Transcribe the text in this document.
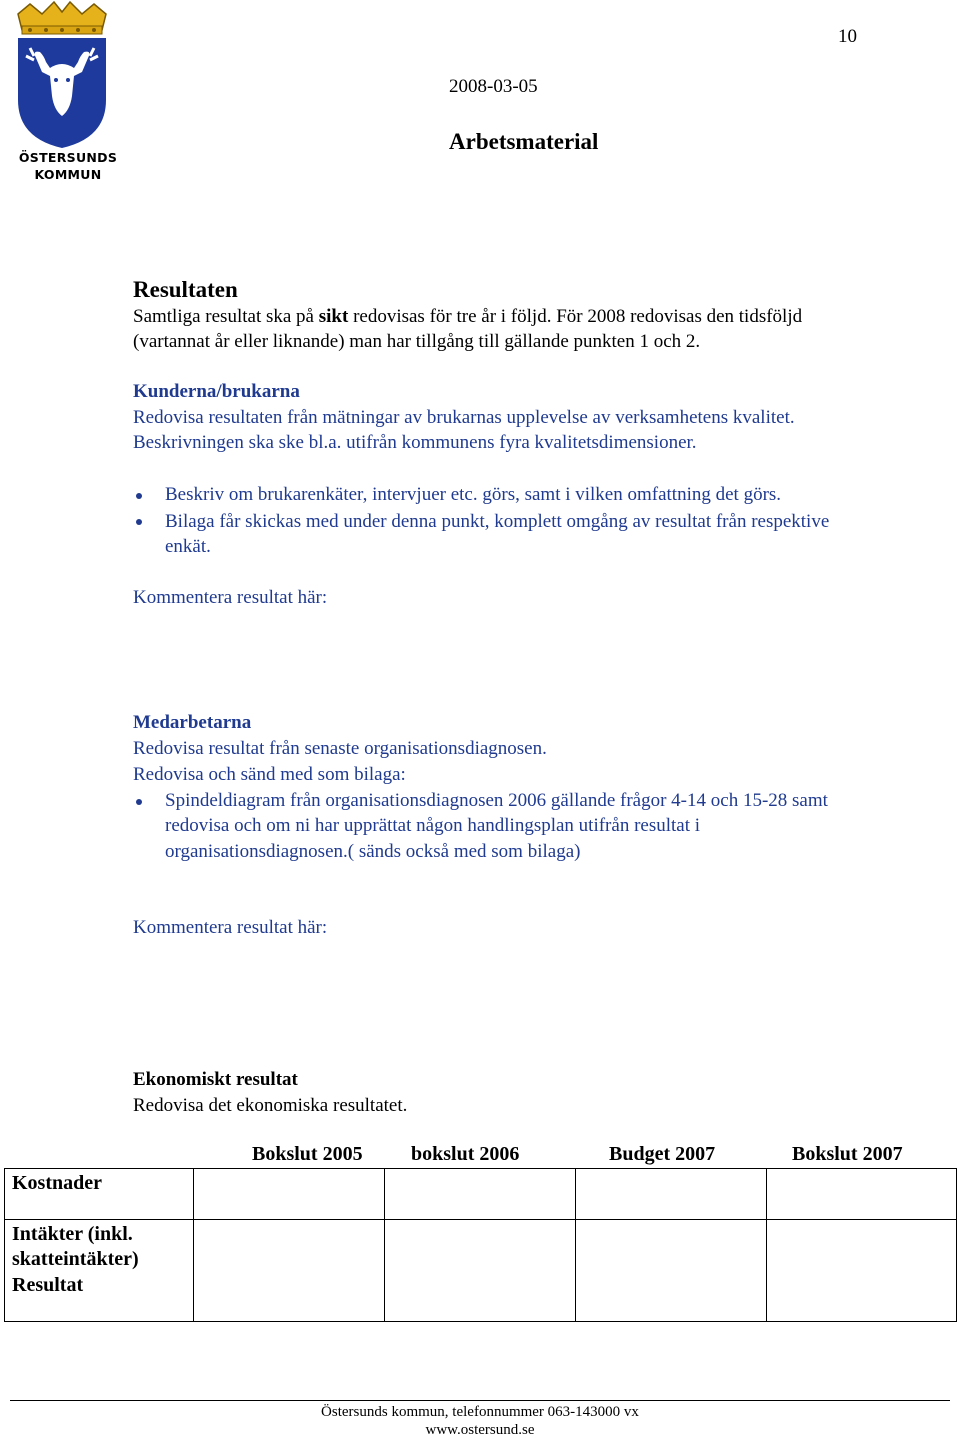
ÖSTERSUNDS
KOMMUN
10
2008-03-05
Arbetsmaterial
Resultaten
Samtliga resultat ska på sikt redovisas för tre år i följd. För 2008 redovisas den tidsföljd
(vartannat år eller liknande) man har tillgång till gällande punkten 1 och 2.
Kunderna/brukarna
Redovisa resultaten från mätningar av brukarnas upplevelse av verksamhetens kvalitet.
Beskrivningen ska ske bl.a. utifrån kommunens fyra kvalitetsdimensioner.
Beskriv om brukarenkäter, intervjuer etc. görs, samt i vilken omfattning det görs.
Bilaga får skickas med under denna punkt, komplett omgång av resultat från respektive
enkät.
Kommentera resultat här:
Medarbetarna
Redovisa resultat från senaste organisationsdiagnosen.
Redovisa och sänd med som bilaga:
Spindeldiagram från organisationsdiagnosen 2006 gällande frågor 4-14 och 15-28 samt
redovisa och om ni har upprättat någon handlingsplan utifrån resultat i
organisationsdiagnosen.( sänds också med som bilaga)
Kommentera resultat här:
Ekonomiskt resultat
Redovisa det ekonomiska resultatet.
Bokslut 2005 bokslut 2006	Budget 2007	Bokslut 2007
Kostnader
Intäkter (inkl.
skatteintäkter)
Resultat
Östersunds kommun, telefonnummer 063-143000 vx
www.ostersund.se
